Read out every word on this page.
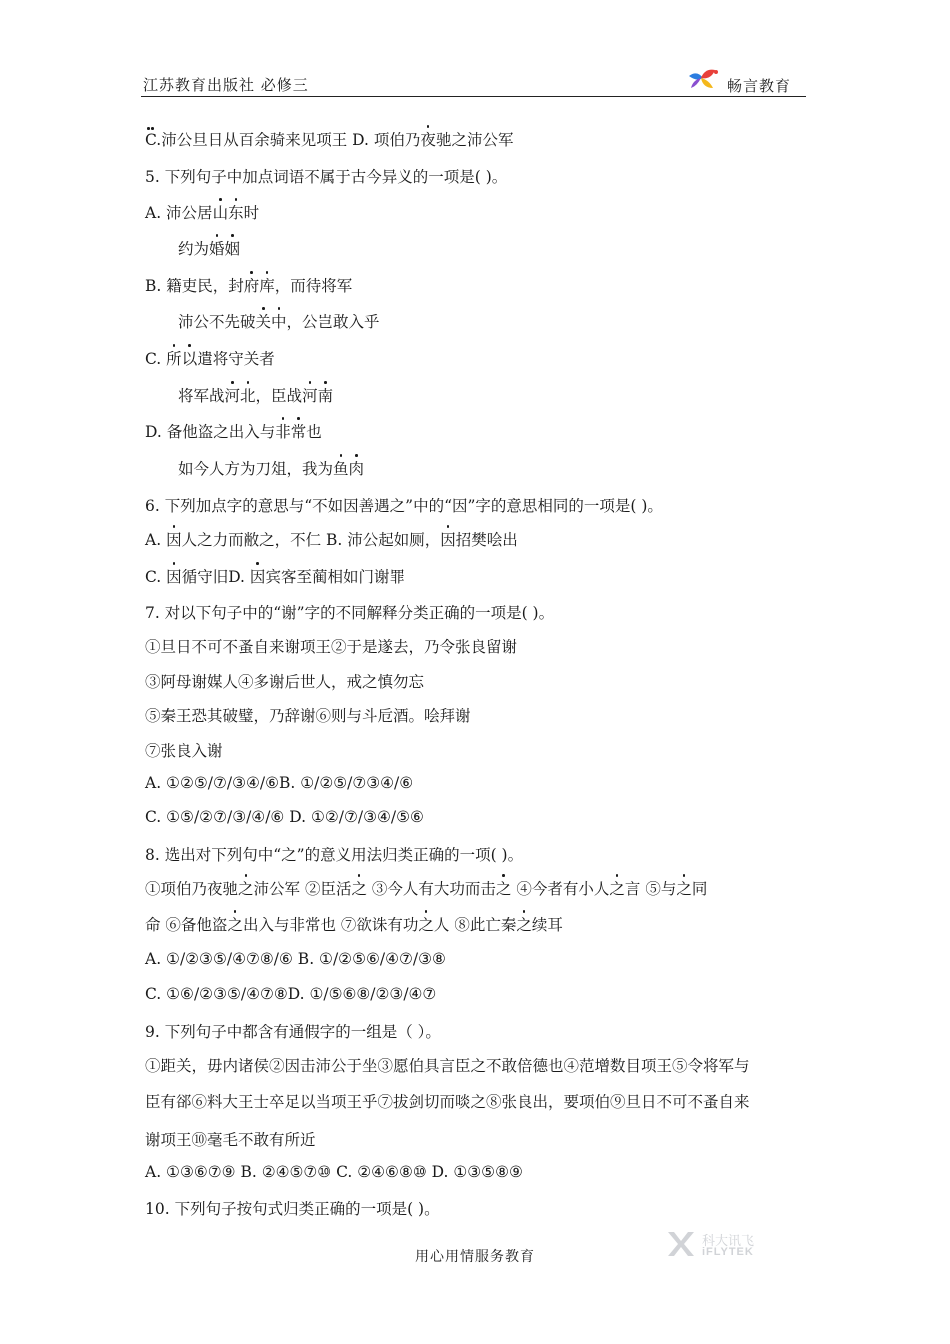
江苏教育出版社 必修三	畅言教育
C.沛公旦日从百余骑来见项王 D. 项伯乃夜驰之沛公军
5. 下列句子中加点词语不属于古今异义的一项是( )。
A. 沛公居山东时
约为婚姻
B. 籍吏民，封府库，而待将军
沛公不先破关中，公岂敢入乎
C. 所以遣将守关者
将军战河北，臣战河南
D. 备他盗之出入与非常也
如今人方为刀俎，我为鱼肉
6. 下列加点字的意思与“不如因善遇之”中的“因”字的意思相同的一项是( )。
A. 因人之力而敝之，不仁 B. 沛公起如厕，因招樊哙出
C. 因循守旧D. 因宾客至蔺相如门谢罪
7. 对以下句子中的“谢”字的不同解释分类正确的一项是( )。
①旦日不可不蚤自来谢项王②于是遂去，乃令张良留谢
③阿母谢媒人④多谢后世人，戒之慎勿忘
⑤秦王恐其破璧，乃辞谢⑥则与斗卮酒。哙拜谢
⑦张良入谢
A. ①②⑤/⑦/③④/⑥B. ①/②⑤/⑦③④/⑥
C. ①⑤/②⑦/③/④/⑥ D. ①②/⑦/③④/⑤⑥
8. 选出对下列句中“之”的意义用法归类正确的一项( )。
①项伯乃夜驰之沛公军 ②臣活之 ③今人有大功而击之 ④今者有小人之言 ⑤与之同
命 ⑥备他盗之出入与非常也 ⑦欲诛有功之人 ⑧此亡秦之续耳
A. ①/②③⑤/④⑦⑧/⑥ B. ①/②⑤⑥/④⑦/③⑧
C. ①⑥/②③⑤/④⑦⑧D. ①/⑤⑥⑧/②③/④⑦
9. 下列句子中都含有通假字的一组是（ ）。
①距关，毋内诸侯②因击沛公于坐③愿伯具言臣之不敢倍德也④范增数目项王⑤令将军与
臣有郤⑥料大王士卒足以当项王乎⑦拔剑切而啖之⑧张良出，要项伯⑨旦日不可不蚤自来
谢项王⑩毫毛不敢有所近
A. ①③⑥⑦⑨ B. ②④⑤⑦⑩ C. ②④⑥⑧⑩ D. ①③⑤⑧⑨
10. 下列句子按句式归类正确的一项是( )。
用心用情服务教育
科大讯飞
iFLYTEK
